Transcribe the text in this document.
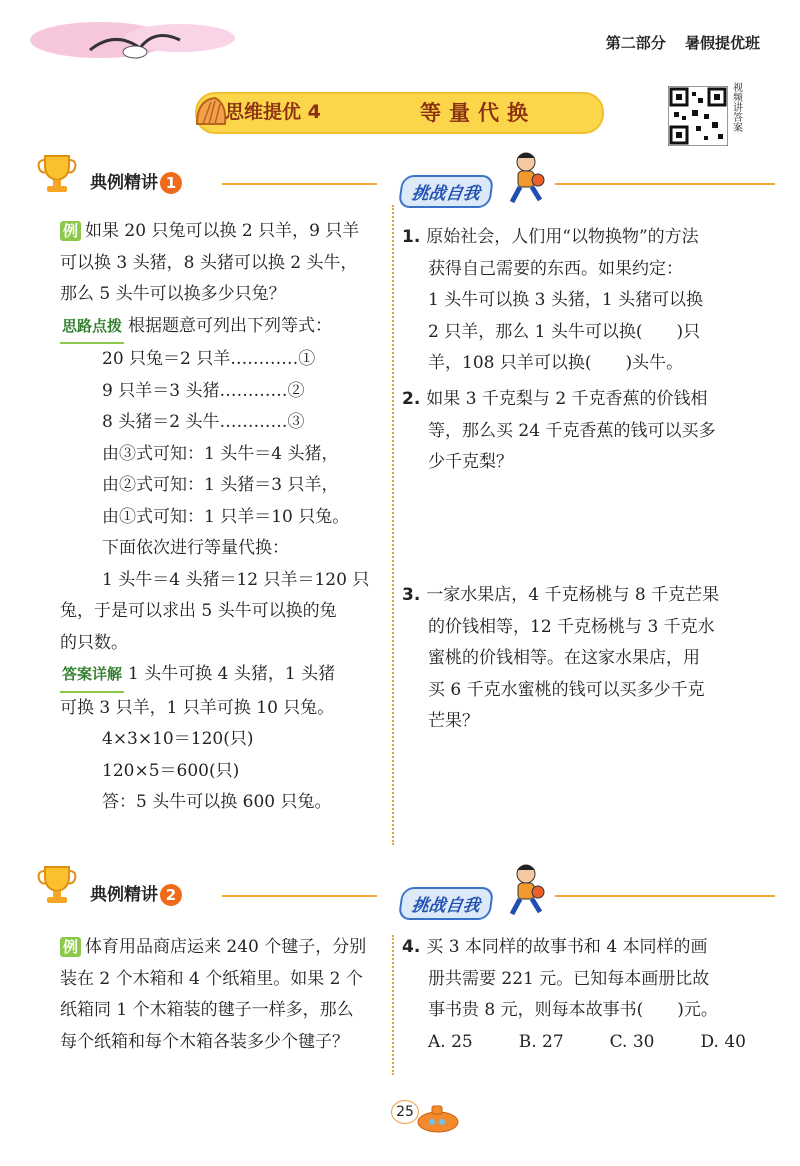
第二部分 暑假提优班
思维提优 4	等量代换
视
频
讲
答
案
典例精讲 1
挑战自我
例 如果 20 只兔可以换 2 只羊，9 只羊
可以换 3 头猪，8 头猪可以换 2 头牛，
那么 5 头牛可以换多少只兔？
思路点拨 根据题意可列出下列等式：
20 只兔＝2 只羊…………①
9 只羊＝3 头猪…………②
8 头猪＝2 头牛…………③
由③式可知：1 头牛＝4 头猪，
由②式可知：1 头猪＝3 只羊，
由①式可知：1 只羊＝10 只兔。
下面依次进行等量代换：
1 头牛＝4 头猪＝12 只羊＝120 只
兔，于是可以求出 5 头牛可以换的兔
的只数。
答案详解 1 头牛可换 4 头猪，1 头猪
可换 3 只羊，1 只羊可换 10 只兔。
4×3×10＝120(只)
120×5＝600(只)
答：5 头牛可以换 600 只兔。
1. 原始社会，人们用“以物换物”的方法
获得自己需要的东西。如果约定：
1 头牛可以换 3 头猪，1 头猪可以换
2 只羊，那么 1 头牛可以换(　　)只
羊，108 只羊可以换(　　)头牛。
2. 如果 3 千克梨与 2 千克香蕉的价钱相
等，那么买 24 千克香蕉的钱可以买多
少千克梨？
3. 一家水果店，4 千克杨桃与 8 千克芒果
的价钱相等，12 千克杨桃与 3 千克水
蜜桃的价钱相等。在这家水果店，用
买 6 千克水蜜桃的钱可以买多少千克
芒果？
典例精讲 2
挑战自我
例 体育用品商店运来 240 个毽子，分别
装在 2 个木箱和 4 个纸箱里。如果 2 个
纸箱同 1 个木箱装的毽子一样多，那么
每个纸箱和每个木箱各装多少个毽子？
4. 买 3 本同样的故事书和 4 本同样的画
册共需要 221 元。已知每本画册比故
事书贵 8 元，则每本故事书(　　)元。
A. 25	B. 27	C. 30	D. 40
25
